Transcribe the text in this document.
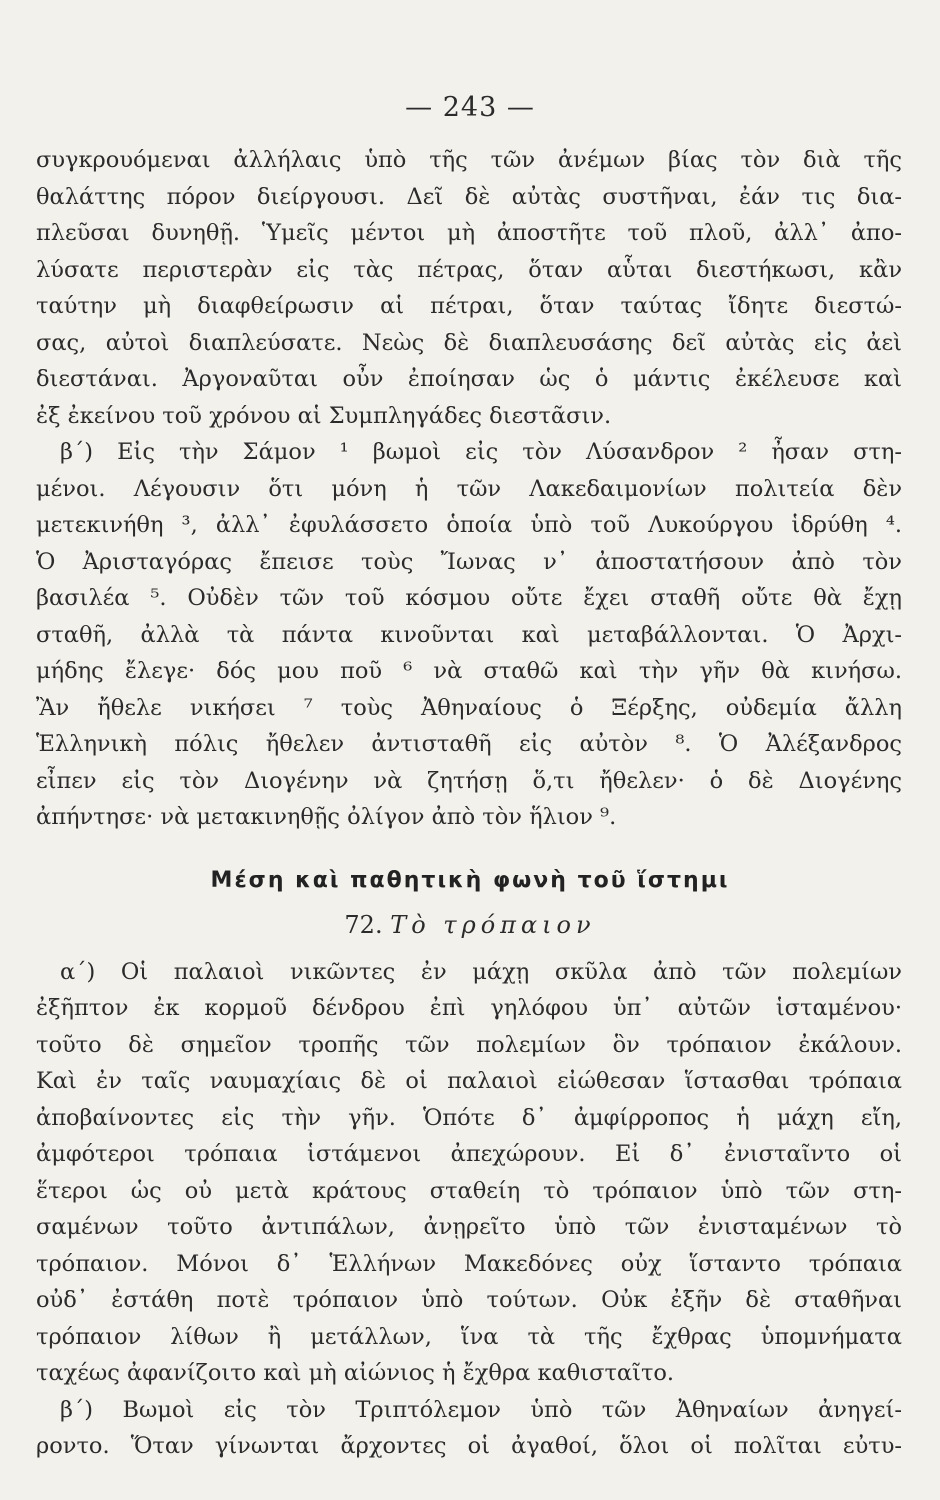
— 243 —
συγκρουόμεναι ἀλλήλαις ὑπὸ τῆς τῶν ἀνέμων βίας τὸν διὰ τῆς
θαλάττης πόρον διείργουσι. Δεῖ δὲ αὐτὰς συστῆναι, ἐάν τις δια-
πλεῦσαι δυνηθῇ. Ὑμεῖς μέντοι μὴ ἀποστῆτε τοῦ πλοῦ, ἀλλ᾽ ἀπο-
λύσατε περιστερὰν εἰς τὰς πέτρας, ὅταν αὗται διεστήκωσι, κἂν
ταύτην μὴ διαφθείρωσιν αἱ πέτραι, ὅταν ταύτας ἴδητε διεστώ-
σας, αὐτοὶ διαπλεύσατε. Νεὼς δὲ διαπλευσάσης δεῖ αὐτὰς εἰς ἀεὶ
διεστάναι. Ἀργοναῦται οὖν ἐποίησαν ὡς ὁ μάντις ἐκέλευσε καὶ
ἐξ ἐκείνου τοῦ χρόνου αἱ Συμπληγάδες διεστᾶσιν.
β´) Εἰς τὴν Σάμον ¹ βωμοὶ εἰς τὸν Λύσανδρον ² ἦσαν στη-
μένοι. Λέγουσιν ὅτι μόνη ἡ τῶν Λακεδαιμονίων πολιτεία δὲν
μετεκινήθη ³, ἀλλ᾽ ἐφυλάσσετο ὁποία ὑπὸ τοῦ Λυκούργου ἱδρύθη ⁴.
Ὁ Ἀρισταγόρας ἔπεισε τοὺς Ἴωνας ν᾽ ἀποστατήσουν ἀπὸ τὸν
βασιλέα ⁵. Οὐδὲν τῶν τοῦ κόσμου οὔτε ἔχει σταθῆ οὔτε θὰ ἔχῃ
σταθῆ, ἀλλὰ τὰ πάντα κινοῦνται καὶ μεταβάλλονται. Ὁ Ἀρχι-
μήδης ἔλεγε· δός μου ποῦ ⁶ νὰ σταθῶ καὶ τὴν γῆν θὰ κινήσω.
Ἂν ἤθελε νικήσει ⁷ τοὺς Ἀθηναίους ὁ Ξέρξης, οὐδεμία ἄλλη
Ἑλληνικὴ πόλις ἤθελεν ἀντισταθῆ εἰς αὐτὸν ⁸. Ὁ Ἀλέξανδρος
εἶπεν εἰς τὸν Διογένην νὰ ζητήσῃ ὅ,τι ἤθελεν· ὁ δὲ Διογένης
ἀπήντησε· νὰ μετακινηθῇς ὀλίγον ἀπὸ τὸν ἥλιον ⁹.
Μέση καὶ παθητικὴ φωνὴ τοῦ ἵστημι
72. Τὸ τρόπαιον
α´) Οἱ παλαιοὶ νικῶντες ἐν μάχῃ σκῦλα ἀπὸ τῶν πολεμίων
ἐξῆπτον ἐκ κορμοῦ δένδρου ἐπὶ γηλόφου ὑπ᾽ αὐτῶν ἱσταμένου·
τοῦτο δὲ σημεῖον τροπῆς τῶν πολεμίων ὃν τρόπαιον ἐκάλουν.
Καὶ ἐν ταῖς ναυμαχίαις δὲ οἱ παλαιοὶ εἰώθεσαν ἵστασθαι τρόπαια
ἀποβαίνοντες εἰς τὴν γῆν. Ὁπότε δ᾽ ἀμφίρροπος ἡ μάχη εἴη,
ἀμφότεροι τρόπαια ἱστάμενοι ἀπεχώρουν. Εἰ δ᾽ ἐνισταῖντο οἱ
ἕτεροι ὡς οὐ μετὰ κράτους σταθείη τὸ τρόπαιον ὑπὸ τῶν στη-
σαμένων τοῦτο ἀντιπάλων, ἀνῃρεῖτο ὑπὸ τῶν ἐνισταμένων τὸ
τρόπαιον. Μόνοι δ᾽ Ἑλλήνων Μακεδόνες οὐχ ἵσταντο τρόπαια
οὐδ᾽ ἐστάθη ποτὲ τρόπαιον ὑπὸ τούτων. Οὐκ ἐξῆν δὲ σταθῆναι
τρόπαιον λίθων ἢ μετάλλων, ἵνα τὰ τῆς ἔχθρας ὑπομνήματα
ταχέως ἀφανίζοιτο καὶ μὴ αἰώνιος ἡ ἔχθρα καθισταῖτο.
β´) Βωμοὶ εἰς τὸν Τριπτόλεμον ὑπὸ τῶν Ἀθηναίων ἀνηγεί-
ροντο. Ὅταν γίνωνται ἄρχοντες οἱ ἀγαθοί, ὅλοι οἱ πολῖται εὐτυ-
